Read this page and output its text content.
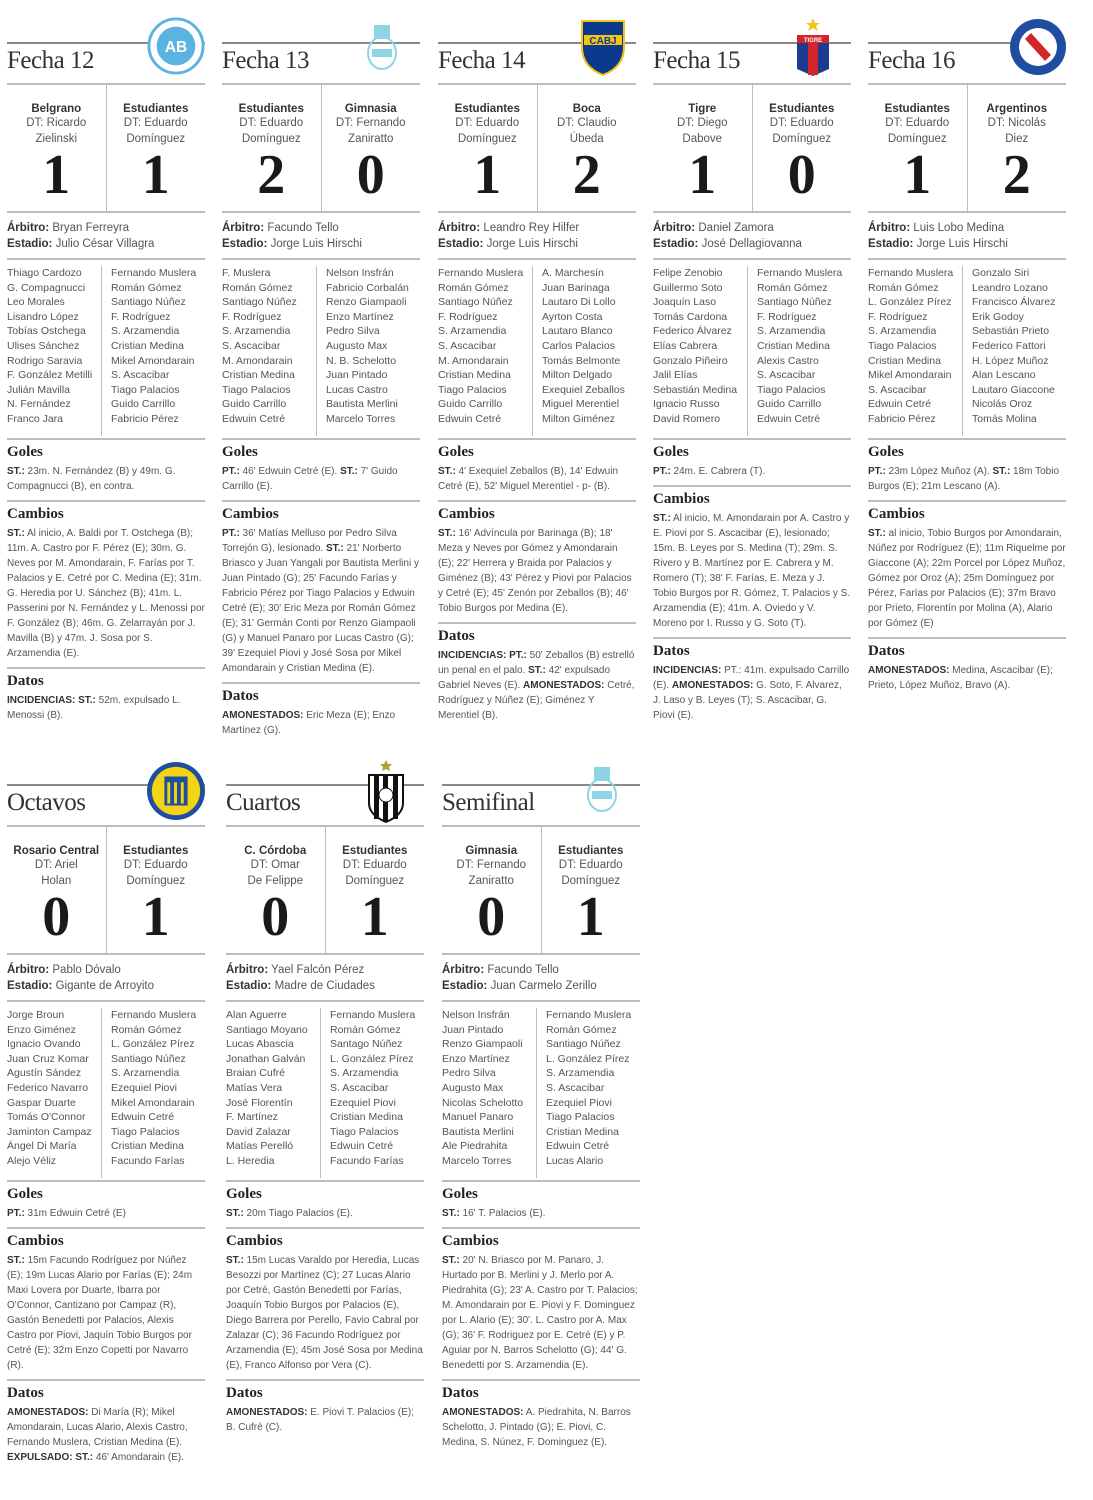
Fecha 12	AB
Belgrano
DT: Ricardo
Zielinski
1
Estudiantes
DT: Eduardo
Domínguez
1
Árbitro: Bryan Ferreyra
Estadio: Julio César Villagra
Thiago Cardozo
G. Compagnucci
Leo Morales
Lisandro López
Tobías Ostchega
Ulises Sánchez
Rodrigo Saravia
F. González Metilli
Julián Mavilla
N. Fernández
Franco Jara
Fernando Muslera
Román Gómez
Santiago Núñez
F. Rodríguez
S. Arzamendia
Cristian Medina
Mikel Amondarain
S. Ascacibar
Tiago Palacios
Guido Carrillo
Fabricio Pérez
Goles
ST.: 23m. N. Fernández (B) y 49m. G. Compagnucci (B), en contra.
Cambios
ST.: Al inicio, A. Baldi por T. Ostchega (B); 11m. A. Castro por F. Pérez (E); 30m. G. Neves por M. Amondarain, F. Farías por T. Palacios y E. Cetré por C. Medina (E); 31m. G. Heredia por U. Sánchez (B); 41m. L. Passerini por N. Fernández y L. Menossi por F. González (B); 46m. G. Zelarrayán por J. Mavilla (B) y 47m. J. Sosa por S. Arzamendia (E).
Datos
INCIDENCIAS: ST.: 52m. expulsado L. Menossi (B).
Fecha 13
Estudiantes
DT: Eduardo
Domínguez
2
Gimnasia
DT: Fernando
Zaniratto
0
Árbitro: Facundo Tello
Estadio: Jorge Luis Hirschi
F. Muslera
Román Gómez
Santiago Núñez
F. Rodríguez
S. Arzamendia
S. Ascacibar
M. Amondarain
Cristian Medina
Tiago Palacios
Guido Carrillo
Edwuin Cetré
Nelson Insfrán
Fabricio Corbalán
Renzo Giampaoli
Enzo Martínez
Pedro Silva
Augusto Max
N. B. Schelotto
Juan Pintado
Lucas Castro
Bautista Merlini
Marcelo Torres
Goles
PT.: 46' Edwuin Cetré (E). ST.: 7' Guido Carrillo (E).
Cambios
PT.: 36' Matías Melluso por Pedro Silva Torrejón G), lesionado. ST.: 21' Norberto Briasco y Juan Yangali por Bautista Merlini y Juan Pintado (G); 25' Facundo Farías y Fabricio Pérez por Tiago Palacios y Edwuin Cetré (E); 30' Eric Meza por Román Gómez (E); 31' Germán Conti por Renzo Giampaoli (G) y Manuel Panaro por Lucas Castro (G); 39' Ezequiel Piovi y José Sosa por Mikel Amondarain y Cristian Medina (E).
Datos
AMONESTADOS: Eric Meza (E); Enzo Martínez (G).
Fecha 14
CABJ
Estudiantes
DT: Eduardo
Domínguez
1
Boca
DT: Claudio
Úbeda
2
Árbitro: Leandro Rey Hilfer
Estadio: Jorge Luis Hirschi
Fernando Muslera
Román Gómez
Santiago Núñez
F. Rodríguez
S. Arzamendia
S. Ascacibar
M. Amondarain
Cristian Medina
Tiago Palacios
Guido Carrillo
Edwuin Cetré
A. Marchesín
Juan Barinaga
Lautaro Di Lollo
Ayrton Costa
Lautaro Blanco
Carlos Palacios
Tomás Belmonte
Milton Delgado
Exequiel Zeballos
Miguel Merentiel
Milton Giménez
Goles
ST.: 4' Exequiel Zeballos (B), 14' Edwuin Cetré (E), 52' Miguel Merentiel - p- (B).
Cambios
ST.: 16' Advíncula por Barinaga (B); 18' Meza y Neves por Gómez y Amondarain (E); 22' Herrera y Braida por Palacios y Giménez (B); 43' Pérez y Piovi por Palacios y Cetré (E); 45' Zenón por Zeballos (B); 46' Tobio Burgos por Medina (E).
Datos
INCIDENCIAS: PT.: 50' Zeballos (B) estrelló un penal en el palo. ST.: 42' expulsado Gabriel Neves (E). AMONESTADOS: Cetré, Rodríguez y Núñez (E); Giménez Y Merentiel (B).
Fecha 15
TIGRE
Tigre
DT: Diego
Dabove
1
Estudiantes
DT: Eduardo
Domínguez
0
Árbitro: Daniel Zamora
Estadio: José Dellagiovanna
Felipe Zenobio
Guillermo Soto
Joaquín Laso
Tomás Cardona
Federico Álvarez
Elías Cabrera
Gonzalo Piñeiro
Jalil Elías
Sebastián Medina
Ignacio Russo
David Romero
Fernando Muslera
Román Gómez
Santiago Núñez
F. Rodríguez
S. Arzamendia
Cristian Medina
Alexis Castro
S. Ascacibar
Tiago Palacios
Guido Carrillo
Edwuin Cetré
Goles
PT.: 24m. E. Cabrera (T).
Cambios
ST.: Al inicio, M. Amondarain por A. Castro y E. Piovi por S. Ascacibar (E), lesionado; 15m. B. Leyes por S. Medina (T); 29m. S. Rivero y B. Martínez por E. Cabrera y M. Romero (T); 38' F. Farías, E. Meza y J. Tobio Burgos por R. Gómez, T. Palacios y S. Arzamendia (E); 41m. A. Oviedo y V. Moreno por I. Russo y G. Soto (T).
Datos
INCIDENCIAS: PT.: 41m. expulsado Carrillo (E). AMONESTADOS: G. Soto, F. Alvarez, J. Laso y B. Leyes (T); S. Ascacibar, G. Piovi (E).
Fecha 16
Estudiantes
DT: Eduardo
Domínguez
1
Argentinos
DT: Nicolás
Diez
2
Árbitro: Luis Lobo Medina
Estadio: Jorge Luis Hirschi
Fernando Muslera
Román Gómez
L. González Pírez
F. Rodríguez
S. Arzamendia
Tiago Palacios
Cristian Medina
Mikel Amondarain
S. Ascacibar
Edwuin Cetré
Fabricio Pérez
Gonzalo Siri
Leandro Lozano
Francisco Álvarez
Erik Godoy
Sebastián Prieto
Federico Fattori
H. López Muñoz
Alan Lescano
Lautaro Giaccone
Nicolás Oroz
Tomás Molina
Goles
PT.: 23m López Muñoz (A). ST.: 18m Tobio Burgos (E); 21m Lescano (A).
Cambios
ST.: al inicio, Tobio Burgos por Amondarain, Núñez por Rodríguez (E); 11m Riquelme por Giaccone (A); 22m Porcel por López Muñoz, Gómez por Oroz (A); 25m Domínguez por Pérez, Farías por Palacios (E); 37m Bravo por Prieto, Florentín por Molina (A), Alario por Gómez (E)
Datos
AMONESTADOS: Medina, Ascacibar (E); Prieto, López Muñoz, Bravo (A).
Octavos
Rosario Central
DT: Ariel
Holan
0
Estudiantes
DT: Eduardo
Domínguez
1
Árbitro: Pablo Dóvalo
Estadio: Gigante de Arroyito
Jorge Broun
Enzo Giménez
Ignacio Ovando
Juan Cruz Komar
Agustín Sández
Federico Navarro
Gaspar Duarte
Tomás O'Connor
Jaminton Campaz
Ángel Di María
Alejo Véliz
Fernando Muslera
Román Gómez
L. González Pírez
Santiago Núñez
S. Arzamendia
Ezequiel Piovi
Mikel Amondarain
Edwuin Cetré
Tiago Palacios
Cristian Medina
Facundo Farías
Goles
PT.: 31m Edwuin Cetré (E)
Cambios
ST.: 15m Facundo Rodríguez por Núñez (E); 19m Lucas Alario por Farías (E); 24m Maxi Lovera por Duarte, Ibarra por O'Connor, Cantizano por Campaz (R), Gastón Benedetti por Palacios, Alexis Castro por Piovi, Jaquín Tobio Burgos por Cetré (E); 32m Enzo Copetti por Navarro (R).
Datos
AMONESTADOS: Di María (R); Mikel Amondarain, Lucas Alario, Alexis Castro, Fernando Muslera, Cristian Medina (E). EXPULSADO: ST.: 46' Amondarain (E).
Cuartos
C. Córdoba
DT: Omar
De Felippe
0
Estudiantes
DT: Eduardo
Domínguez
1
Árbitro: Yael Falcón Pérez
Estadio: Madre de Ciudades
Alan Aguerre
Santiago Moyano
Lucas Abascia
Jonathan Galván
Braian Cufré
Matías Vera
José Florentín
F. Martínez
David Zalazar
Matías Perelló
L. Heredia
Fernando Muslera
Román Gómez
Santago Núñez
L. González Pírez
S. Arzamendia
S. Ascacibar
Ezequiel Piovi
Cristian Medina
Tiago Palacios
Edwuin Cetré
Facundo Farías
Goles
ST.: 20m Tiago Palacios (E).
Cambios
ST.: 15m Lucas Varaldo por Heredia, Lucas Besozzi por Martínez (C); 27 Lucas Alario por Cetré, Gastón Benedetti por Farías, Joaquín Tobio Burgos por Palacios (E), Diego Barrera por Perello, Favio Cabral por Zalazar (C); 36 Facundo Rodríguez por Arzamendia (E); 45m José Sosa por Medina (E), Franco Alfonso por Vera (C).
Datos
AMONESTADOS: E. Piovi T. Palacios (E); B. Cufré (C).
Semifinal
Gimnasia
DT: Fernando
Zaniratto
0
Estudiantes
DT: Eduardo
Domínguez
1
Árbitro: Facundo Tello
Estadio: Juan Carmelo Zerillo
Nelson Insfrán
Juan Pintado
Renzo Giampaoli
Enzo Martínez
Pedro Silva
Augusto Max
Nicolas Schelotto
Manuel Panaro
Bautista Merlini
Ale Piedrahita
Marcelo Torres
Fernando Muslera
Román Gómez
Santiago Núñez
L. González Pírez
S. Arzamendia
S. Ascacibar
Ezequiel Piovi
Tiago Palacios
Cristian Medina
Edwuin Cetré
Lucas Alario
Goles
ST.: 16' T. Palacios (E).
Cambios
ST.: 20' N. Briasco por M. Panaro, J. Hurtado por B. Merlini y J. Merlo por A. Piedrahita (G); 23' A. Castro por T. Palacios; M. Amondarain por E. Piovi y F. Dominguez por L. Alario (E); 30'. L. Castro por A. Max (G); 36' F. Rodriguez por E. Cetré (E) y P. Aguiar por N. Barros Schelotto (G); 44' G. Benedetti por S. Arzamendia (E).
Datos
AMONESTADOS: A. Piedrahita, N. Barros Schelotto, J. Pintado (G); E. Piovi, C. Medina, S. Núnez, F. Dominguez (E).
